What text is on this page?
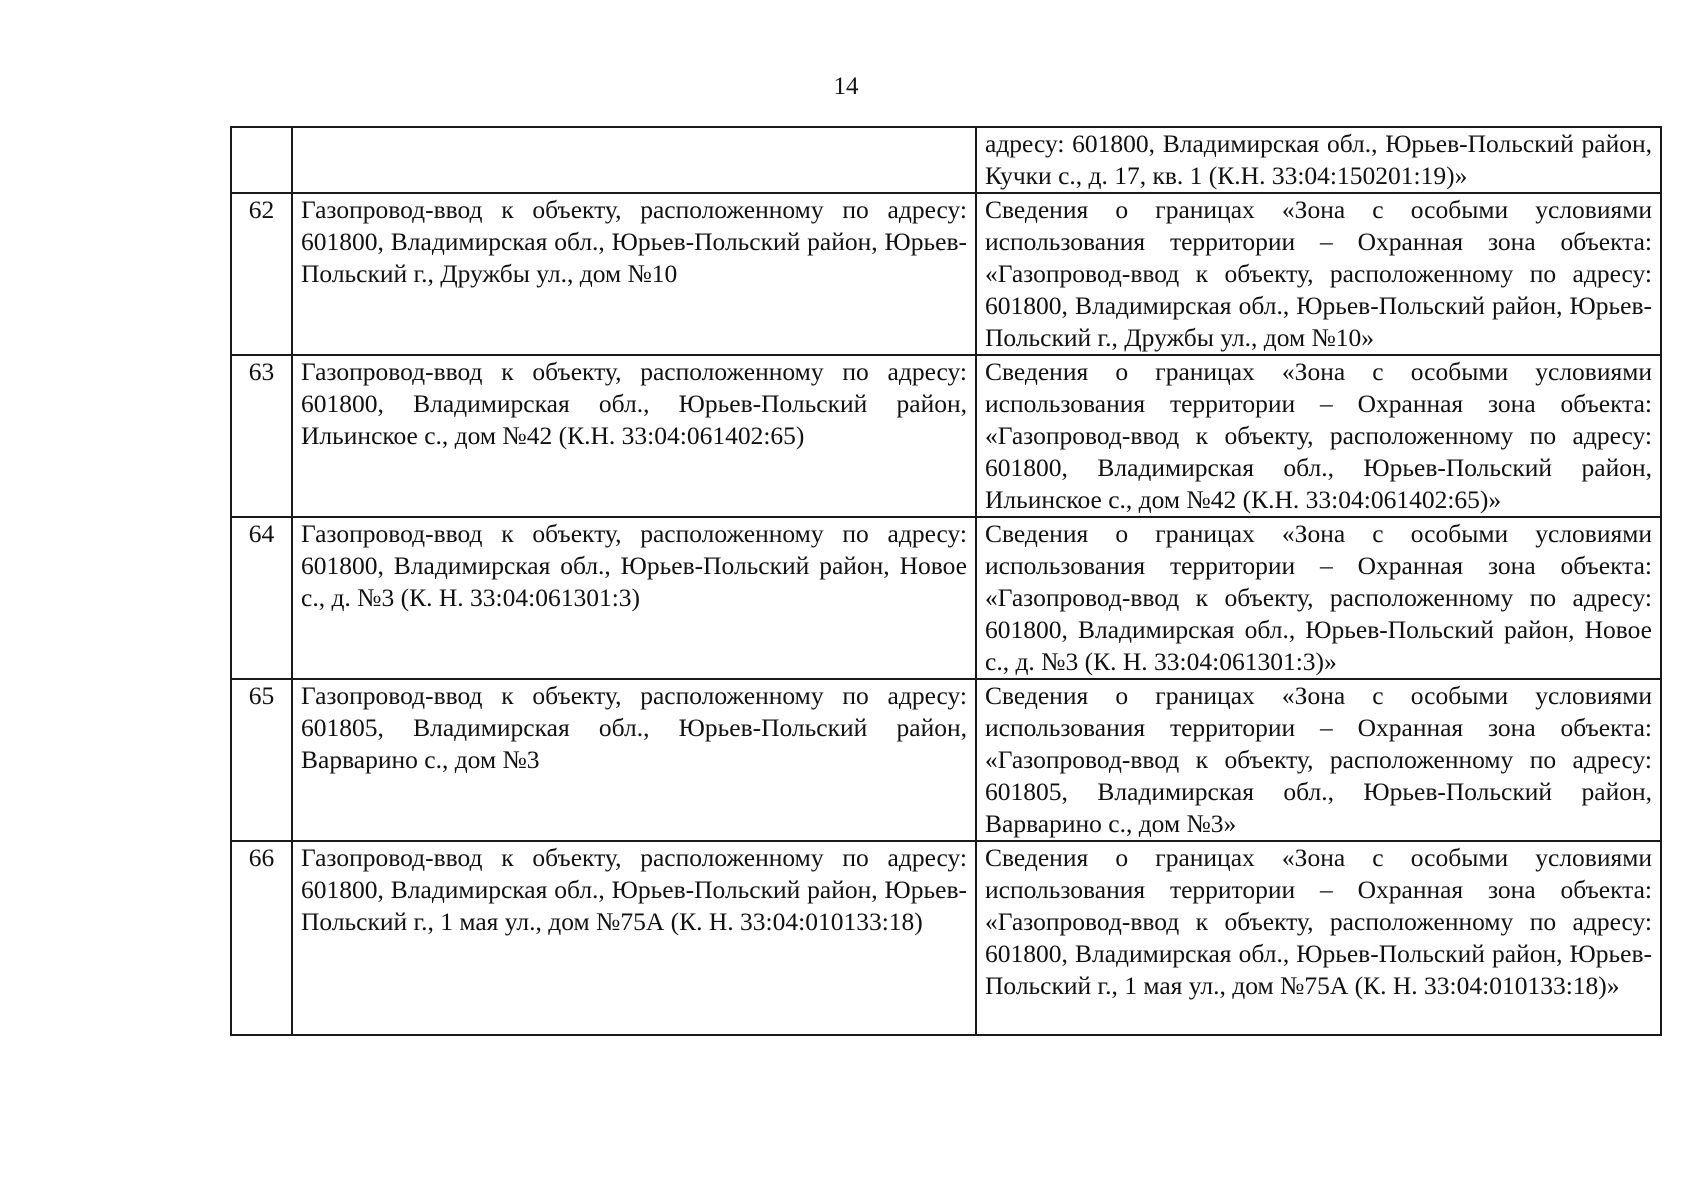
14
		адресу: 601800, Владимирская обл., Юрьев-Польский район, Кучки с., д. 17, кв. 1 (К.Н. 33:04:150201:19)»
62	Газопровод-ввод к объекту, расположенному по адресу: 601800, Владимирская обл., Юрьев-Польский район, Юрьев-Польский г., Дружбы ул., дом №10	Сведения о границах «Зона с особыми условиями использования территории – Охранная зона объекта: «Газопровод-ввод к объекту, расположенному по адресу: 601800, Владимирская обл., Юрьев-Польский район, Юрьев-Польский г., Дружбы ул., дом №10»
63	Газопровод-ввод к объекту, расположенному по адресу: 601800, Владимирская обл., Юрьев-Польский район, Ильинское с., дом №42 (К.Н. 33:04:061402:65)	Сведения о границах «Зона с особыми условиями использования территории – Охранная зона объекта: «Газопровод-ввод к объекту, расположенному по адресу: 601800, Владимирская обл., Юрьев-Польский район, Ильинское с., дом №42 (К.Н. 33:04:061402:65)»
64	Газопровод-ввод к объекту, расположенному по адресу: 601800, Владимирская обл., Юрьев-Польский район, Новое с., д. №3 (К. Н. 33:04:061301:3)	Сведения о границах «Зона с особыми условиями использования территории – Охранная зона объекта: «Газопровод-ввод к объекту, расположенному по адресу: 601800, Владимирская обл., Юрьев-Польский район, Новое с., д. №3 (К. Н. 33:04:061301:3)»
65	Газопровод-ввод к объекту, расположенному по адресу: 601805, Владимирская обл., Юрьев-Польский район, Варварино с., дом №3	Сведения о границах «Зона с особыми условиями использования территории – Охранная зона объекта: «Газопровод-ввод к объекту, расположенному по адресу: 601805, Владимирская обл., Юрьев-Польский район, Варварино с., дом №3»
66	Газопровод-ввод к объекту, расположенному по адресу: 601800, Владимирская обл., Юрьев-Польский район, Юрьев-Польский г., 1 мая ул., дом №75А (К. Н. 33:04:010133:18)	Сведения о границах «Зона с особыми условиями использования территории – Охранная зона объекта: «Газопровод-ввод к объекту, расположенному по адресу: 601800, Владимирская обл., Юрьев-Польский район, Юрьев-Польский г., 1 мая ул., дом №75А (К. Н. 33:04:010133:18)»
